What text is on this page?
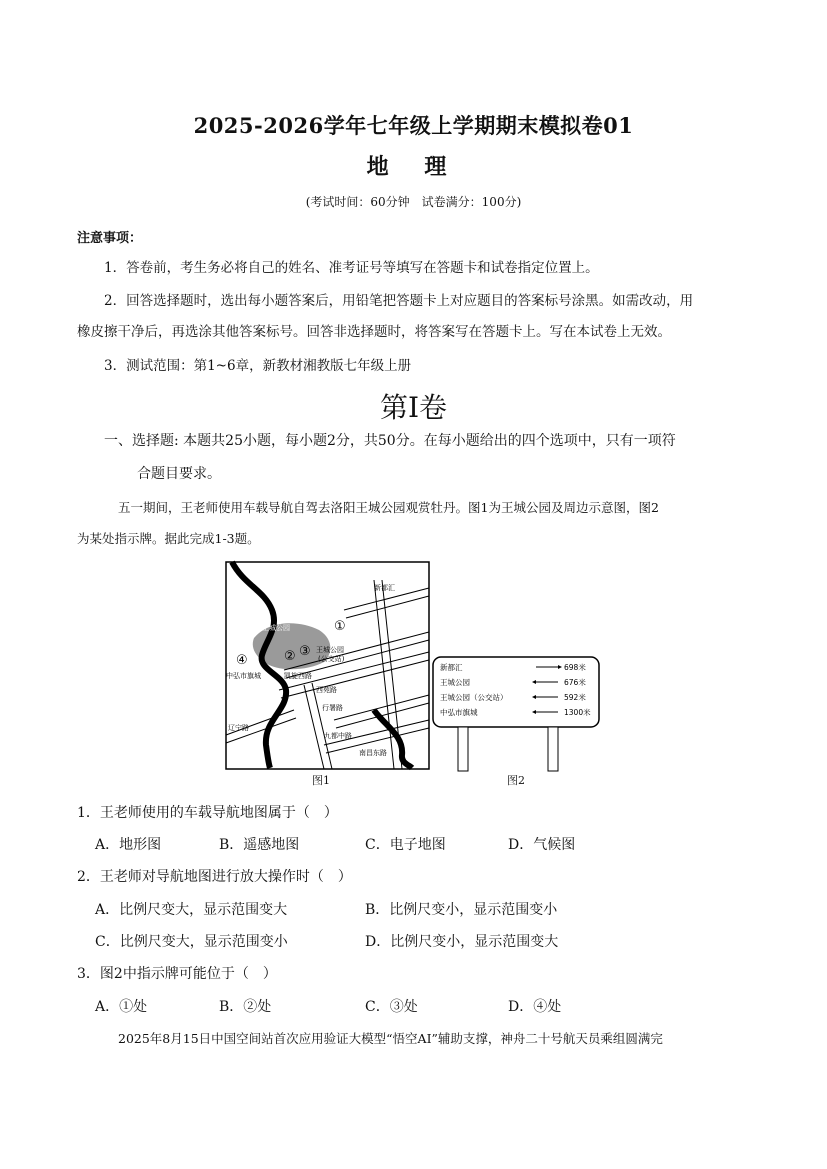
2025-2026学年七年级上学期期末模拟卷01
地 理
(考试时间：60分钟　试卷满分：100分)
注意事项：
1．答卷前，考生务必将自己的姓名、准考证号等填写在答题卡和试卷指定位置上。
2．回答选择题时，选出每小题答案后，用铅笔把答题卡上对应题目的答案标号涂黑。如需改动，用
橡皮擦干净后，再选涂其他答案标号。回答非选择题时，将答案写在答题卡上。写在本试卷上无效。
3．测试范围：第1~6章，新教材湘教版七年级上册
第I卷
一、选择题: 本题共25小题，每小题2分，共50分。在每小题给出的四个选项中，只有一项符
合题目要求。
五一期间，王老师使用车载导航自驾去洛阳王城公园观赏牡丹。图1为王城公园及周边示意图，图2
为某处指示牌。据此完成1-3题。
新都汇
王城公园
王城公园
(公交站)
中弘市旗城	凯旋西路
西苑路
行署路
九都中路
南昌东路
辽宁路
①
② ③
④
图1
新都汇	698米
王城公园	676米
王城公园（公交站）	592米
中弘市旗城	1300米
图2
1．王老师使用的车载导航地图属于（　）
A．地形图	B．遥感地图	C．电子地图	D．气候图
2．王老师对导航地图进行放大操作时（　）
A．比例尺变大，显示范围变大	B．比例尺变小，显示范围变小
C．比例尺变大，显示范围变小	D．比例尺变小，显示范围变大
3．图2中指示牌可能位于（　）
A．①处	B．②处	C．③处	D．④处
2025年8月15日中国空间站首次应用验证大模型“悟空AI”辅助支撑，神舟二十号航天员乘组圆满完
